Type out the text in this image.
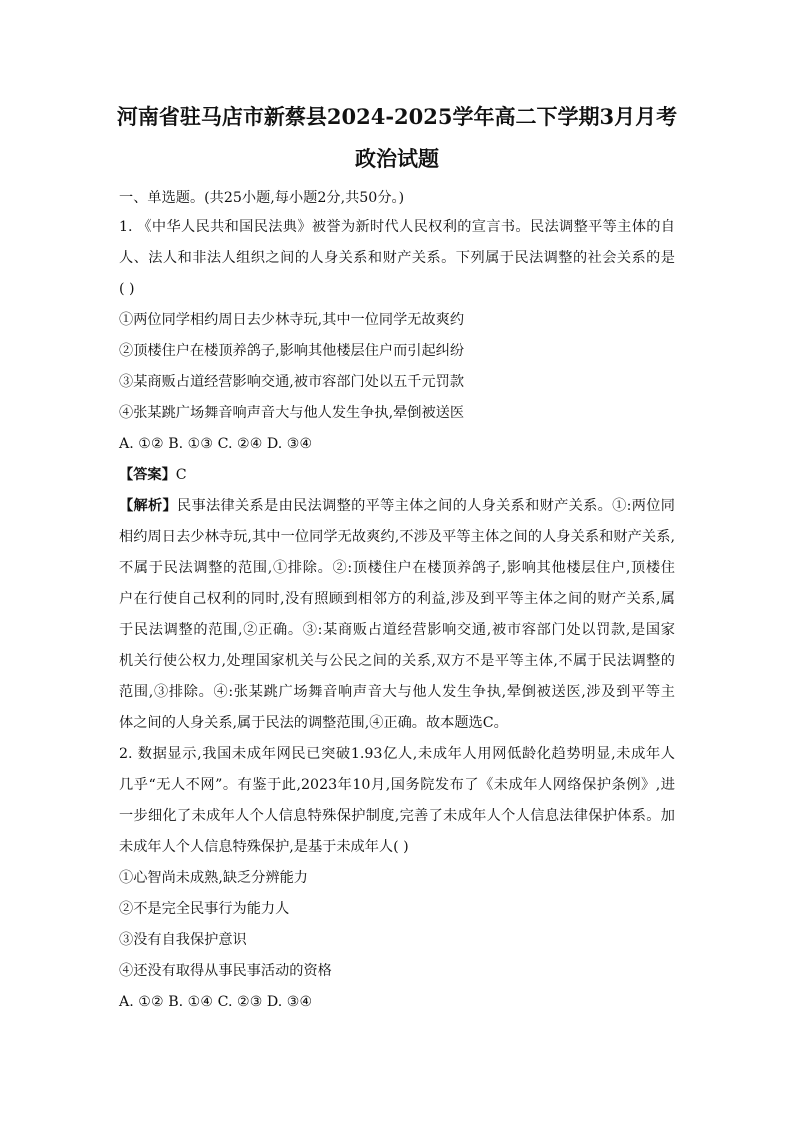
河南省驻马店市新蔡县2024-2025学年高二下学期3月月考
政治试题
一、单选题。(共25小题,每小题2分,共50分。)
1. 《中华人民共和国民法典》被誉为新时代人民权利的宣言书。民法调整平等主体的自
人、法人和非法人组织之间的人身关系和财产关系。下列属于民法调整的社会关系的是
( )
①两位同学相约周日去少林寺玩,其中一位同学无故爽约
②顶楼住户在楼顶养鸽子,影响其他楼层住户而引起纠纷
③某商贩占道经营影响交通,被市容部门处以五千元罚款
④张某跳广场舞音响声音大与他人发生争执,晕倒被送医
A. ①② B. ①③ C. ②④ D. ③④
【答案】C
【解析】民事法律关系是由民法调整的平等主体之间的人身关系和财产关系。①:两位同
相约周日去少林寺玩,其中一位同学无故爽约,不涉及平等主体之间的人身关系和财产关系,
不属于民法调整的范围,①排除。②:顶楼住户在楼顶养鸽子,影响其他楼层住户,顶楼住
户在行使自己权利的同时,没有照顾到相邻方的利益,涉及到平等主体之间的财产关系,属
于民法调整的范围,②正确。③:某商贩占道经营影响交通,被市容部门处以罚款,是国家
机关行使公权力,处理国家机关与公民之间的关系,双方不是平等主体,不属于民法调整的
范围,③排除。④:张某跳广场舞音响声音大与他人发生争执,晕倒被送医,涉及到平等主
体之间的人身关系,属于民法的调整范围,④正确。故本题选C。
2. 数据显示,我国未成年网民已突破1.93亿人,未成年人用网低龄化趋势明显,未成年人
几乎“无人不网”。有鉴于此,2023年10月,国务院发布了《未成年人网络保护条例》,进
一步细化了未成年人个人信息特殊保护制度,完善了未成年人个人信息法律保护体系。加
未成年人个人信息特殊保护,是基于未成年人( )
①心智尚未成熟,缺乏分辨能力
②不是完全民事行为能力人
③没有自我保护意识
④还没有取得从事民事活动的资格
A. ①② B. ①④ C. ②③ D. ③④
